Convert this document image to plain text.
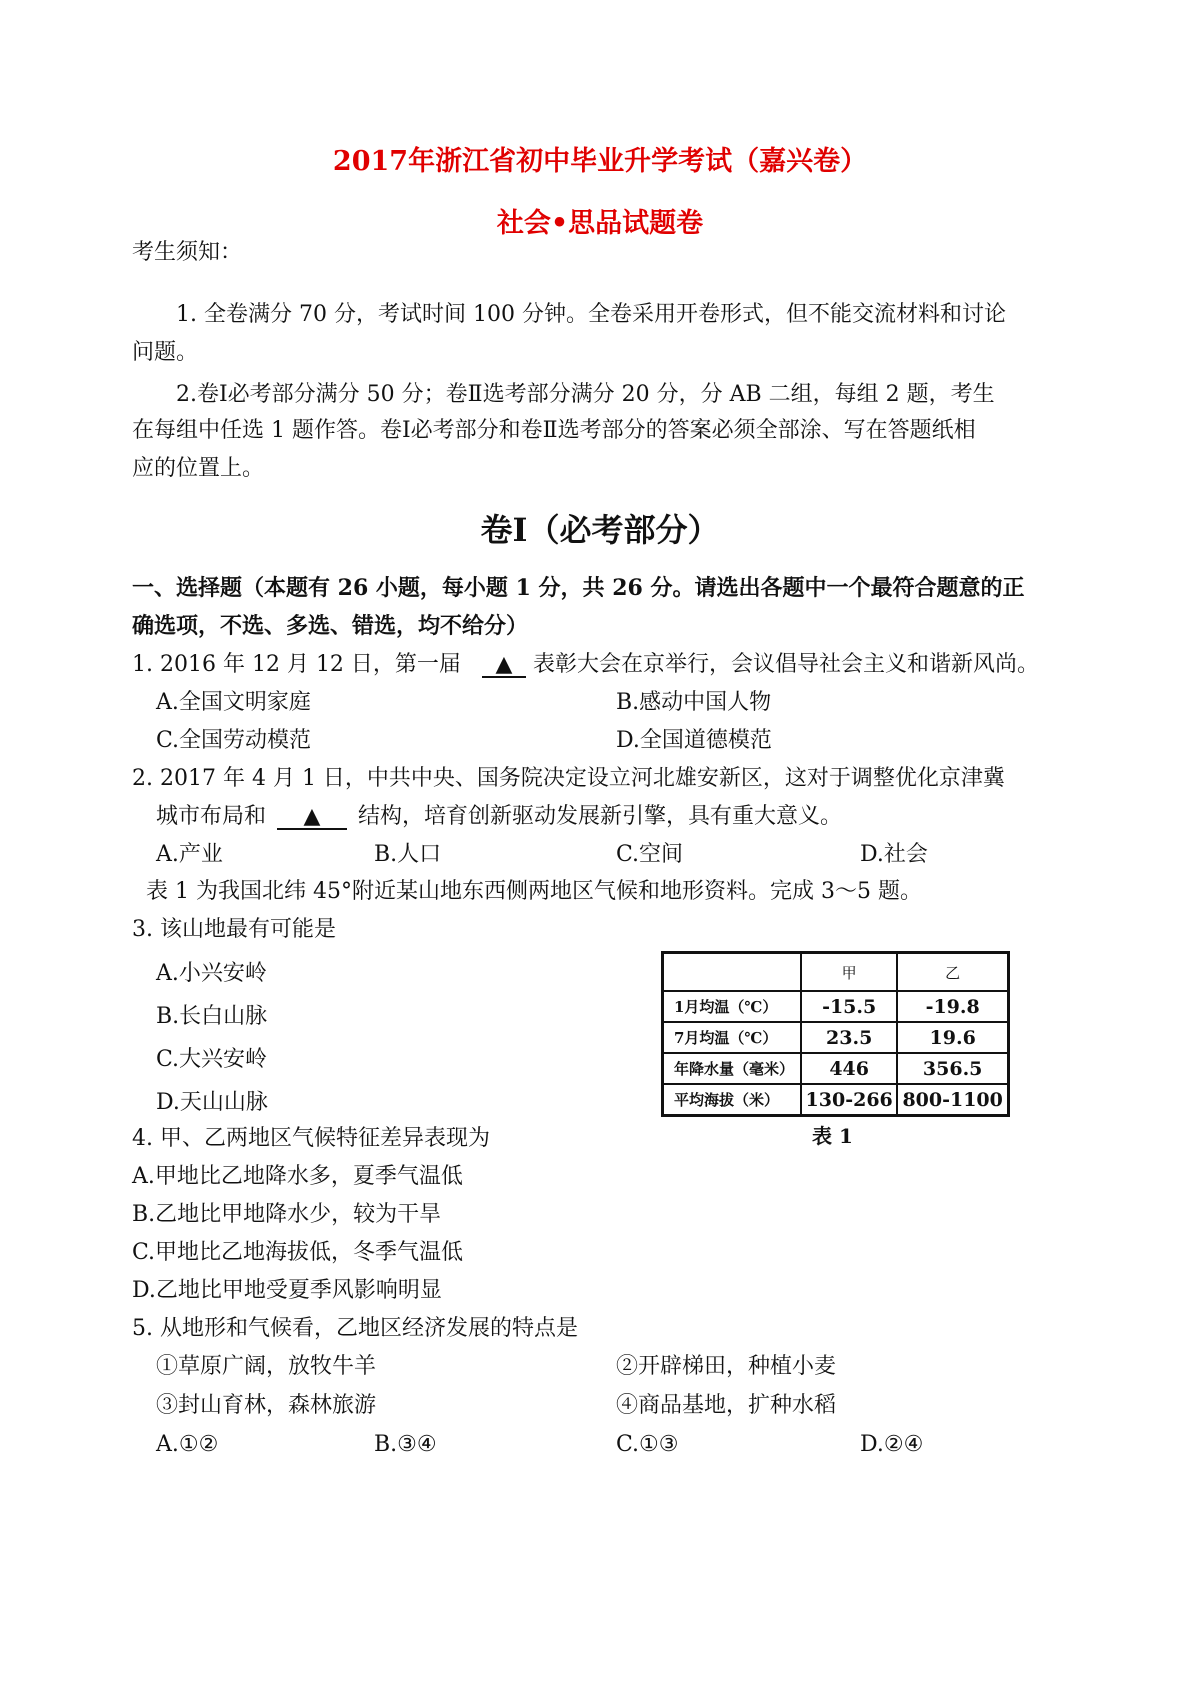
2017年浙江省初中毕业升学考试（嘉兴卷）
社会•思品试题卷
考生须知：
1. 全卷满分 70 分，考试时间 100 分钟。全卷采用开卷形式，但不能交流材料和讨论
问题。
2.卷Ⅰ必考部分满分 50 分；卷Ⅱ选考部分满分 20 分，分 AB 二组，每组 2 题，考生
在每组中任选 1 题作答。卷Ⅰ必考部分和卷Ⅱ选考部分的答案必须全部涂、写在答题纸相
应的位置上。
卷Ⅰ（必考部分）
一、选择题（本题有 26 小题，每小题 1 分，共 26 分。请选出各题中一个最符合题意的正
确选项，不选、多选、错选，均不给分）
1. 2016 年 12 月 12 日，第一届 ▲ 表彰大会在京举行，会议倡导社会主义和谐新风尚。
A.全国文明家庭	B.感动中国人物
C.全国劳动模范	D.全国道德模范
2. 2017 年 4 月 1 日，中共中央、国务院决定设立河北雄安新区，这对于调整优化京津冀
城市布局和 ▲ 结构，培育创新驱动发展新引擎，具有重大意义。
A.产业	B.人口	C.空间	D.社会
表 1 为我国北纬 45°附近某山地东西侧两地区气候和地形资料。完成 3～5 题。
3. 该山地最有可能是
A.小兴安岭
B.长白山脉
C.大兴安岭
D.天山山脉
	甲	乙
1月均温（℃）	-15.5	-19.8
7月均温（℃）	23.5	19.6
年降水量（毫米）	446	356.5
平均海拔（米）	130-266	800-1100
表 1
4. 甲、乙两地区气候特征差异表现为
A.甲地比乙地降水多，夏季气温低
B.乙地比甲地降水少，较为干旱
C.甲地比乙地海拔低，冬季气温低
D.乙地比甲地受夏季风影响明显
5. 从地形和气候看，乙地区经济发展的特点是
①草原广阔，放牧牛羊	②开辟梯田，种植小麦
③封山育林，森林旅游	④商品基地，扩种水稻
A.①②	B.③④	C.①③	D.②④
